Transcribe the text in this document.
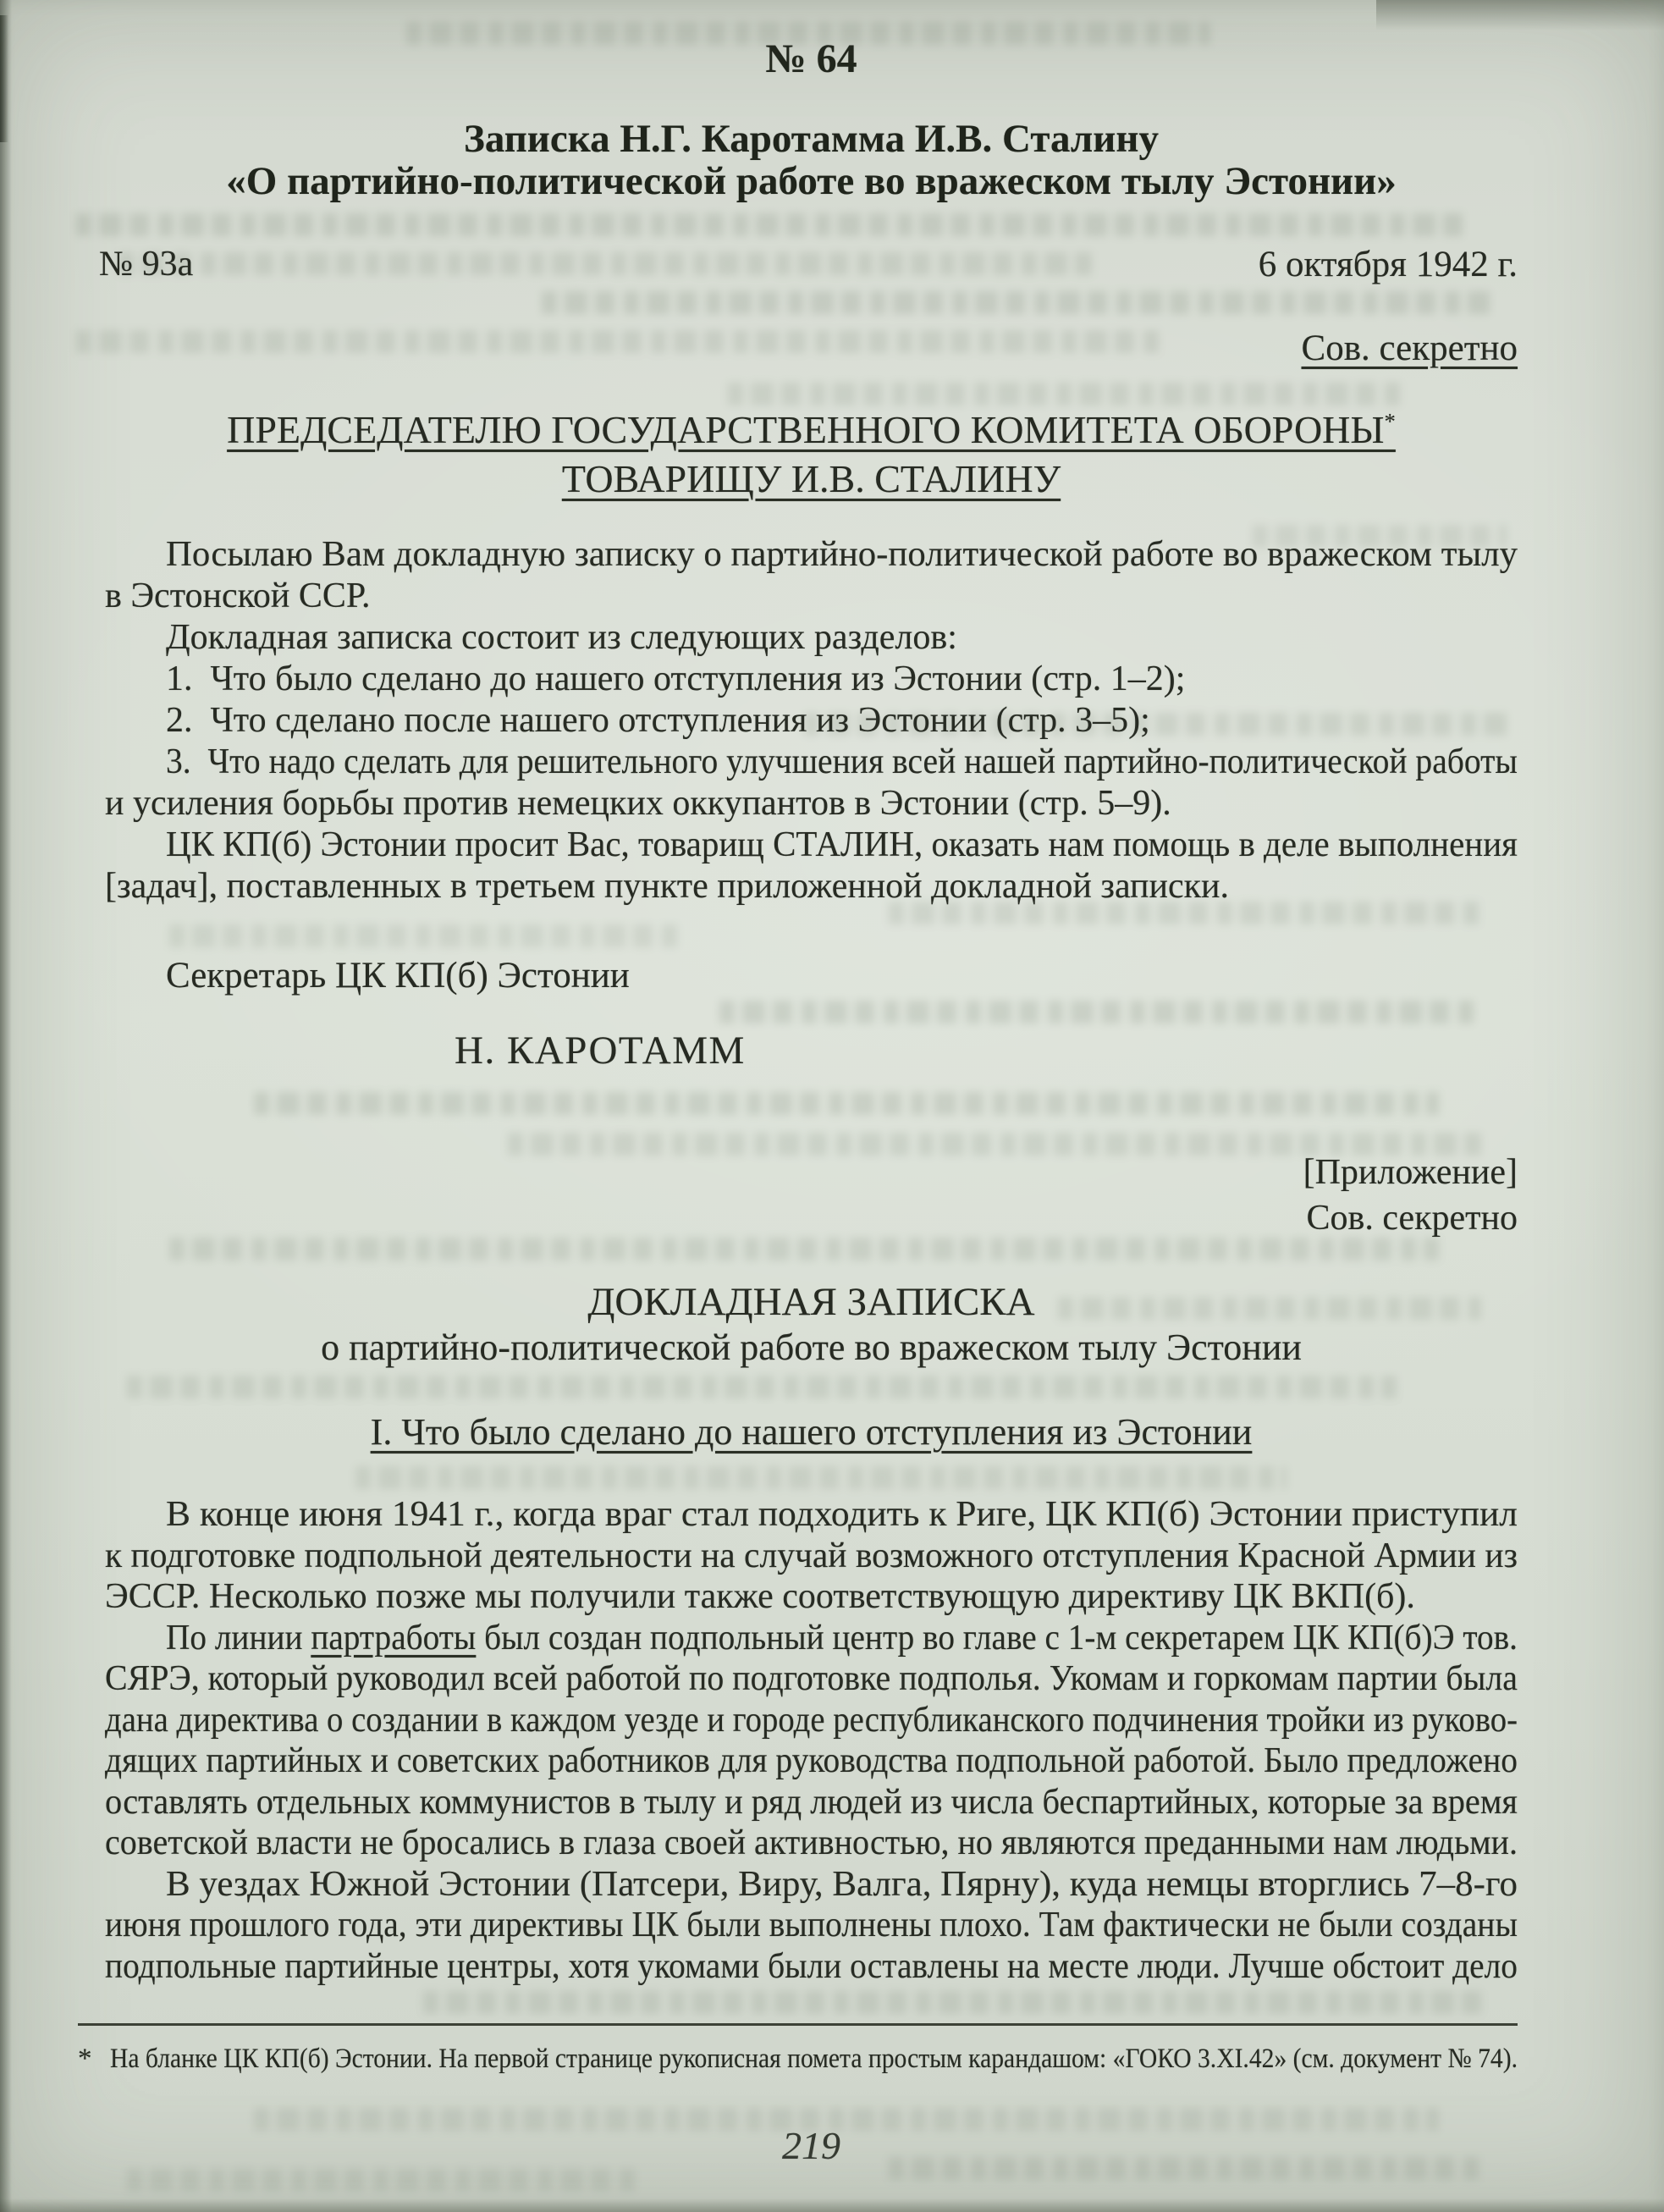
№ 64
Записка Н.Г. Каротамма И.В. Сталину
«О партийно-политической работе во вражеском тылу Эстонии»
№ 93а	6 октября 1942 г.
Сов. секретно
ПРЕДСЕДАТЕЛЮ ГОСУДАРСТВЕННОГО КОМИТЕТА ОБОРОНЫ*
ТОВАРИЩУ И.В. СТАЛИНУ
Посылаю Вам докладную записку о партийно-политической работе во вражеском тылу
в Эстонской ССР.
Докладная записка состоит из следующих разделов:
1.  Что было сделано до нашего отступления из Эстонии (стр. 1–2);
2.  Что сделано после нашего отступления из Эстонии (стр. 3–5);
3.  Что надо сделать для решительного улучшения всей нашей партийно-политической работы
и усиления борьбы против немецких оккупантов в Эстонии (стр. 5–9).
ЦК КП(б) Эстонии просит Вас, товарищ СТАЛИН, оказать нам помощь в деле выполнения
[задач], поставленных в третьем пункте приложенной докладной записки.
Секретарь ЦК КП(б) Эстонии
Н. КАРОТАММ
[Приложение]
Сов. секретно
ДОКЛАДНАЯ ЗАПИСКА
о партийно-политической работе во вражеском тылу Эстонии
I. Что было сделано до нашего отступления из Эстонии
В конце июня 1941 г., когда враг стал подходить к Риге, ЦК КП(б) Эстонии приступил
к подготовке подпольной деятельности на случай возможного отступления Красной Армии из
ЭССР. Несколько позже мы получили также соответствующую директиву ЦК ВКП(б).
По линии партработы был создан подпольный центр во главе с 1-м секретарем ЦК КП(б)Э тов.
СЯРЭ, который руководил всей работой по подготовке подполья. Укомам и горкомам партии была
дана директива о создании в каждом уезде и городе республиканского подчинения тройки из руково-
дящих партийных и советских работников для руководства подпольной работой. Было предложено
оставлять отдельных коммунистов в тылу и ряд людей из числа беспартийных, которые за время
советской власти не бросались в глаза своей активностью, но являются преданными нам людьми.
В уездах Южной Эстонии (Патсери, Виру, Валга, Пярну), куда немцы вторглись 7–8-го
июня прошлого года, эти директивы ЦК были выполнены плохо. Там фактически не были созданы
подпольные партийные центры, хотя укомами были оставлены на месте люди. Лучше обстоит дело
* На бланке ЦК КП(б) Эстонии. На первой странице рукописная помета простым карандашом: «ГОКО 3.XI.42» (см. документ № 74).
219
